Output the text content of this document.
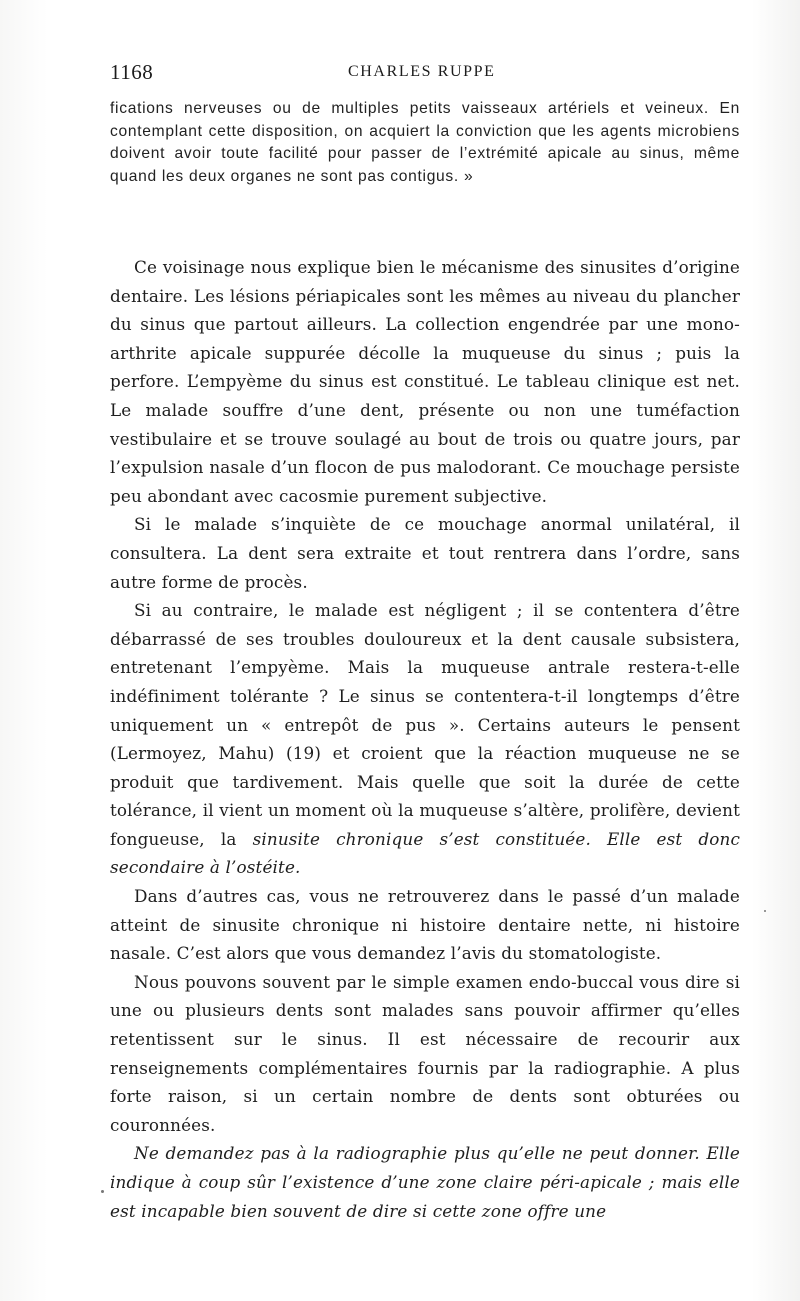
1168	CHARLES RUPPE
fications nerveuses ou de multiples petits vaisseaux artériels et veineux. En contemplant cette disposition, on acquiert la conviction que les agents microbiens doivent avoir toute facilité pour passer de l’extrémité apicale au sinus, même quand les deux organes ne sont pas contigus. »

Ce voisinage nous explique bien le mécanisme des sinusites d’origine dentaire. Les lésions périapicales sont les mêmes au niveau du plancher du sinus que partout ailleurs. La collection engendrée par une mono-arthrite apicale suppurée décolle la muqueuse du sinus ; puis la perfore. L’empyème du sinus est constitué. Le tableau clinique est net. Le malade souffre d’une dent, présente ou non une tuméfaction vestibulaire et se trouve soulagé au bout de trois ou quatre jours, par l’expulsion nasale d’un flocon de pus malodorant. Ce mouchage persiste peu abondant avec cacosmie purement subjective.

Si le malade s’inquiète de ce mouchage anormal unilatéral, il consultera. La dent sera extraite et tout rentrera dans l’ordre, sans autre forme de procès.

Si au contraire, le malade est négligent ; il se contentera d’être débarrassé de ses troubles douloureux et la dent causale subsistera, entretenant l’empyème. Mais la muqueuse antrale restera-t-elle indéfiniment tolérante ? Le sinus se contentera-t-il longtemps d’être uniquement un « entrepôt de pus ». Certains auteurs le pensent (Lermoyez, Mahu) (19) et croient que la réaction muqueuse ne se produit que tardivement. Mais quelle que soit la durée de cette tolérance, il vient un moment où la muqueuse s’altère, prolifère, devient fongueuse, la sinusite chronique s’est constituée. Elle est donc secondaire à l’ostéite.

Dans d’autres cas, vous ne retrouverez dans le passé d’un malade atteint de sinusite chronique ni histoire dentaire nette, ni histoire nasale. C’est alors que vous demandez l’avis du stomatologiste.

Nous pouvons souvent par le simple examen endo-buccal vous dire si une ou plusieurs dents sont malades sans pouvoir affirmer qu’elles retentissent sur le sinus. Il est nécessaire de recourir aux renseignements complémentaires fournis par la radiographie. A plus forte raison, si un certain nombre de dents sont obturées ou couronnées.

Ne demandez pas à la radiographie plus qu’elle ne peut donner. Elle indique à coup sûr l’existence d’une zone claire péri-apicale ; mais elle est incapable bien souvent de dire si cette zone offre une
